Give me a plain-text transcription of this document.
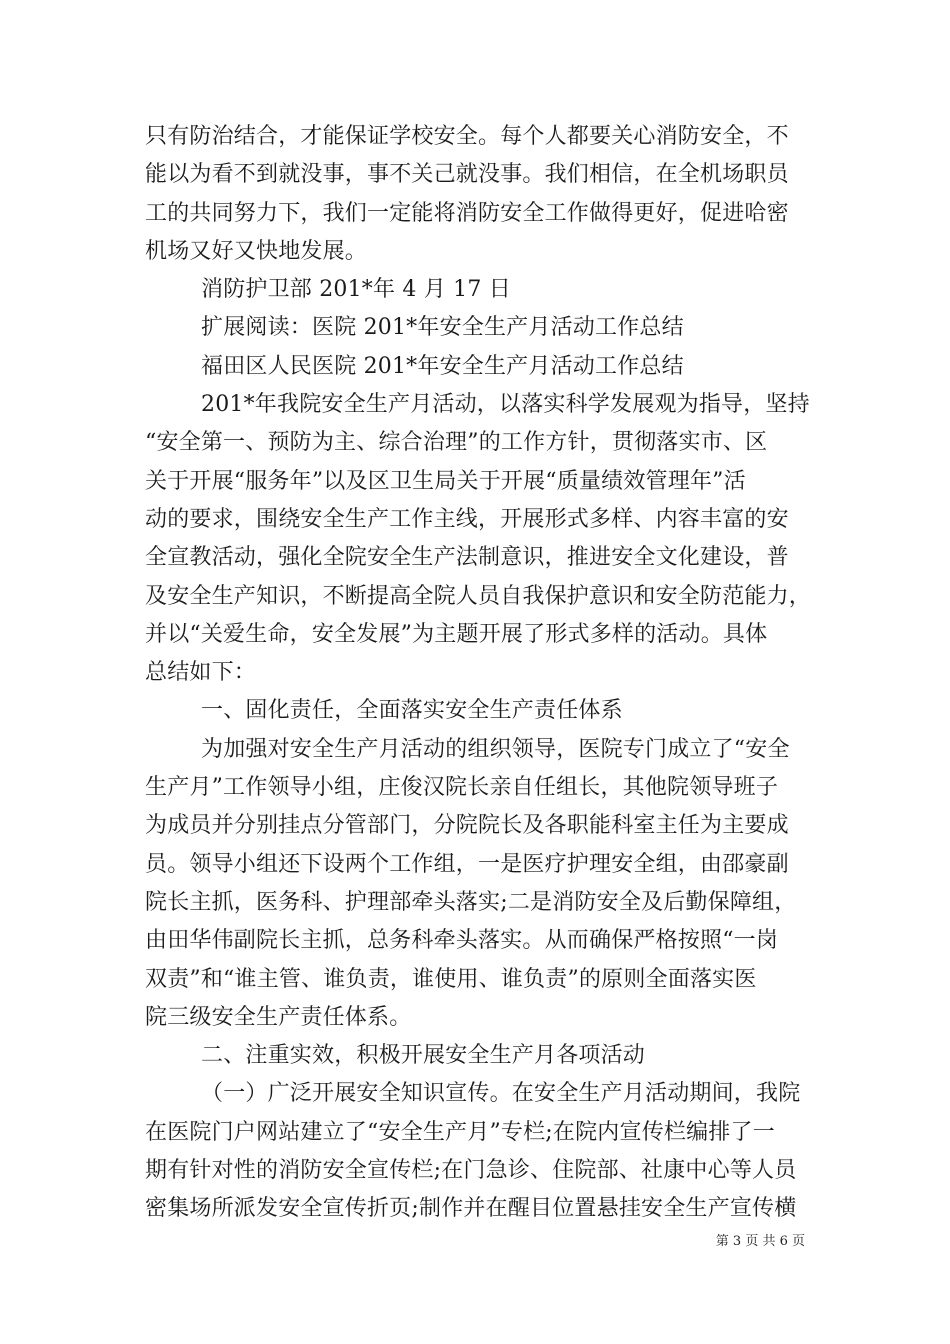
只有防治结合，才能保证学校安全。每个人都要关心消防安全，不
能以为看不到就没事，事不关己就没事。我们相信，在全机场职员
工的共同努力下，我们一定能将消防安全工作做得更好，促进哈密
机场又好又快地发展。
消防护卫部 201*年 4 月 17 日
扩展阅读：医院 201*年安全生产月活动工作总结
福田区人民医院 201*年安全生产月活动工作总结
201*年我院安全生产月活动，以落实科学发展观为指导，坚持
“安全第一、预防为主、综合治理”的工作方针，贯彻落实市、区
关于开展“服务年”以及区卫生局关于开展“质量绩效管理年”活
动的要求，围绕安全生产工作主线，开展形式多样、内容丰富的安
全宣教活动，强化全院安全生产法制意识，推进安全文化建设，普
及安全生产知识，不断提高全院人员自我保护意识和安全防范能力，
并以“关爱生命，安全发展”为主题开展了形式多样的活动。具体
总结如下：
一、固化责任，全面落实安全生产责任体系
为加强对安全生产月活动的组织领导，医院专门成立了“安全
生产月”工作领导小组，庄俊汉院长亲自任组长，其他院领导班子
为成员并分别挂点分管部门，分院院长及各职能科室主任为主要成
员。领导小组还下设两个工作组，一是医疗护理安全组，由邵豪副
院长主抓，医务科、护理部牵头落实;二是消防安全及后勤保障组，
由田华伟副院长主抓，总务科牵头落实。从而确保严格按照“一岗
双责”和“谁主管、谁负责，谁使用、谁负责”的原则全面落实医
院三级安全生产责任体系。
二、注重实效，积极开展安全生产月各项活动
（一）广泛开展安全知识宣传。在安全生产月活动期间，我院
在医院门户网站建立了“安全生产月”专栏;在院内宣传栏编排了一
期有针对性的消防安全宣传栏;在门急诊、住院部、社康中心等人员
密集场所派发安全宣传折页;制作并在醒目位置悬挂安全生产宣传横
第 3 页 共 6 页
